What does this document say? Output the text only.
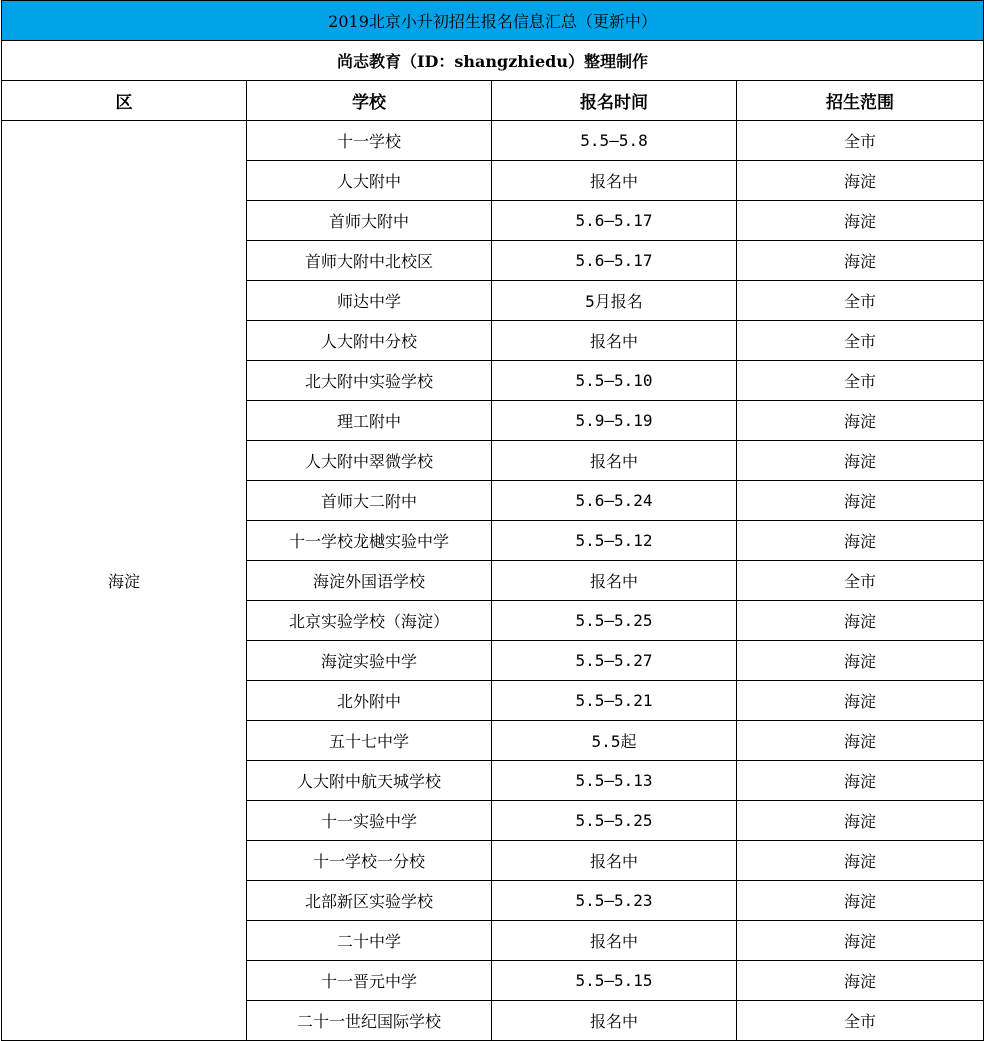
2019北京小升初招生报名信息汇总（更新中）			
尚志教育（ID：shangzhiedu）整理制作			
区	学校	报名时间	招生范围
海淀	十一学校	5.5—5.8	全市
	人大附中	报名中	海淀
	首师大附中	5.6—5.17	海淀
	首师大附中北校区	5.6—5.17	海淀
	师达中学	5月报名	全市
	人大附中分校	报名中	全市
	北大附中实验学校	5.5—5.10	全市
	理工附中	5.9—5.19	海淀
	人大附中翠微学校	报名中	海淀
	首师大二附中	5.6—5.24	海淀
	十一学校龙樾实验中学	5.5—5.12	海淀
	海淀外国语学校	报名中	全市
	北京实验学校（海淀）	5.5—5.25	海淀
	海淀实验中学	5.5—5.27	海淀
	北外附中	5.5—5.21	海淀
	五十七中学	5.5起	海淀
	人大附中航天城学校	5.5—5.13	海淀
	十一实验中学	5.5—5.25	海淀
	十一学校一分校	报名中	海淀
	北部新区实验学校	5.5—5.23	海淀
	二十中学	报名中	海淀
	十一晋元中学	5.5—5.15	海淀
	二十一世纪国际学校	报名中	全市
